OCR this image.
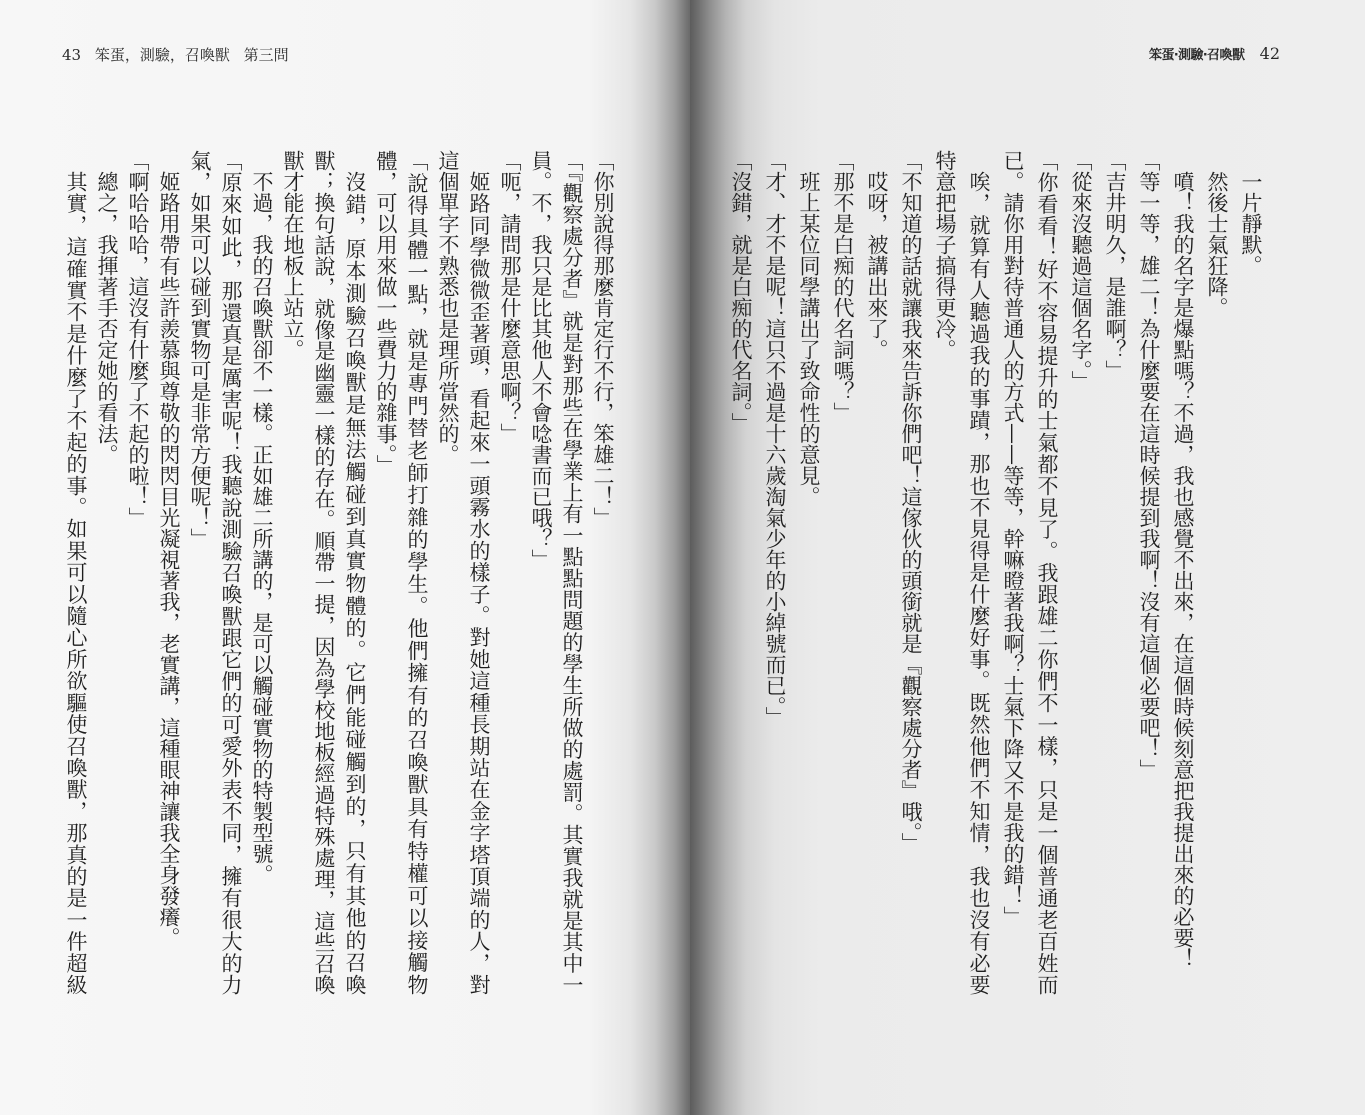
43 笨蛋，測驗，召喚獸 第三問
「你別說得那麼肯定行不行，笨雄二！」
「『觀察處分者』就是對那些在學業上有一點點問題的學生所做的處罰。其實我就是其中一
員。不，我只是比其他人不會唸書而已哦？」
「呃，請問那是什麼意思啊？」
姬路同學微微歪著頭，看起來一頭霧水的樣子。對她這種長期站在金字塔頂端的人，對
這個單字不熟悉也是理所當然的。
「說得具體一點，就是專門替老師打雜的學生。他們擁有的召喚獸具有特權可以接觸物
體，可以用來做一些費力的雜事。」
沒錯，原本測驗召喚獸是無法觸碰到真實物體的。它們能碰觸到的，只有其他的召喚
獸；換句話說，就像是幽靈一樣的存在。順帶一提，因為學校地板經過特殊處理，這些召喚
獸才能在地板上站立。
不過，我的召喚獸卻不一樣。正如雄二所講的，是可以觸碰實物的特製型號。
「原來如此，那還真是厲害呢！我聽說測驗召喚獸跟它們的可愛外表不同，擁有很大的力
氣，如果可以碰到實物可是非常方便呢！」
姬路用帶有些許羨慕與尊敬的閃閃目光凝視著我，老實講，這種眼神讓我全身發癢。
「啊哈哈哈，這沒有什麼了不起的啦！」
總之，我揮著手否定她的看法。
其實，這確實不是什麼了不起的事。如果可以隨心所欲驅使召喚獸，那真的是一件超級
笨蛋‧測驗‧召喚獸 42
一片靜默。
然後士氣狂降。
噴！我的名字是爆點嗎？不過，我也感覺不出來，在這個時候刻意把我提出來的必要！
「等一等，雄二！為什麼要在這時候提到我啊！沒有這個必要吧！」
「吉井明久，是誰啊？」
「從來沒聽過這個名字。」
「你看看！好不容易提升的士氣都不見了。我跟雄二你們不一樣，只是一個普通老百姓而
已。請你用對待普通人的方式——等等，幹嘛瞪著我啊？士氣下降又不是我的錯！」
唉，就算有人聽過我的事蹟，那也不見得是什麼好事。既然他們不知情，我也沒有必要
特意把場子搞得更冷。
「不知道的話就讓我來告訴你們吧！這傢伙的頭銜就是『觀察處分者』哦。」
哎呀，被講出來了。
「那不是白痴的代名詞嗎？」
班上某位同學講出了致命性的意見。
「才、才不是呢！這只不過是十六歲淘氣少年的小綽號而已。」
「沒錯，就是白痴的代名詞。」
